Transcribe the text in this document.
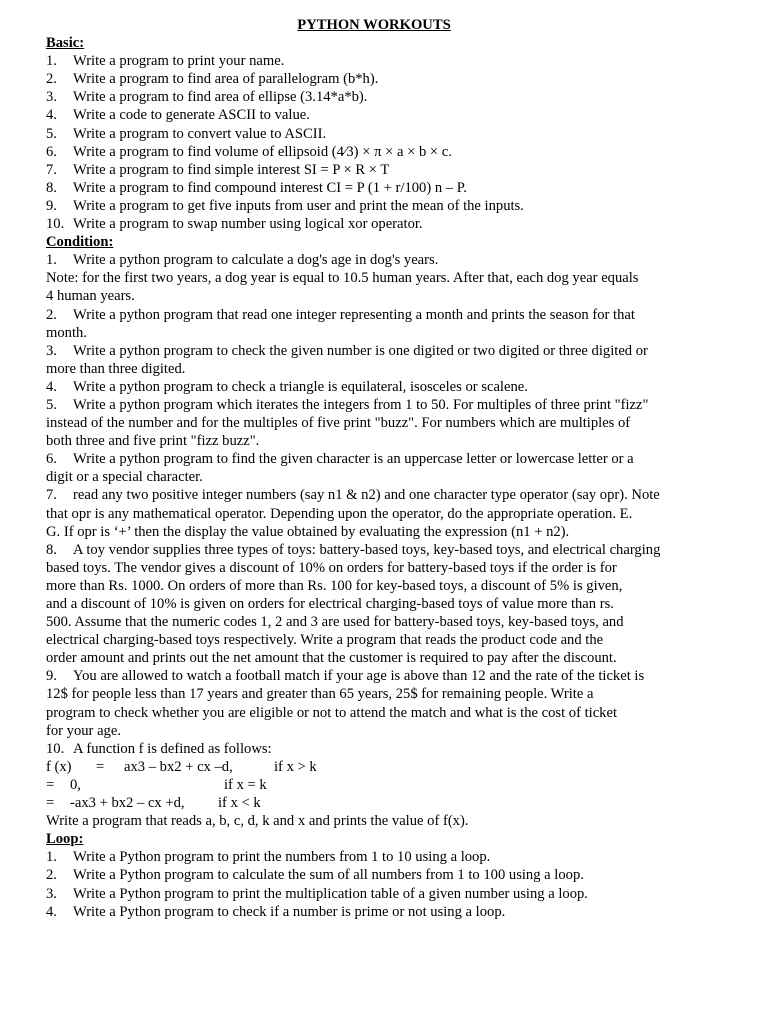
PYTHON WORKOUTS
Basic:
1.	Write a program to print your name.
2.	Write a program to find area of parallelogram (b*h).
3.	Write a program to find area of ellipse (3.14*a*b).
4.	Write a code to generate ASCII to value.
5.	Write a program to convert value to ASCII.
6.	Write a program to find volume of ellipsoid (4⁄3) × π × a × b × c.
7.	Write a program to find simple interest SI = P × R × T
8.	Write a program to find compound interest CI = P (1 + r/100) n – P.
9.	Write a program to get five inputs from user and print the mean of the inputs.
10. Write a program to swap number using logical xor operator.
Condition:
1. Write a python program to calculate a dog's age in dog's years.
Note: for the first two years, a dog year is equal to 10.5 human years. After that, each dog year equals
4 human years.
2. Write a python program that read one integer representing a month and prints the season for that
month.
3. Write a python program to check the given number is one digited or two digited or three digited or
more than three digited.
4. Write a python program to check a triangle is equilateral, isosceles or scalene.
5. Write a python program which iterates the integers from 1 to 50. For multiples of three print "fizz"
instead of the number and for the multiples of five print "buzz". For numbers which are multiples of
both three and five print "fizz buzz".
6. Write a python program to find the given character is an uppercase letter or lowercase letter or a
digit or a special character.
7. read any two positive integer numbers (say n1 & n2) and one character type operator (say opr). Note
that opr is any mathematical operator. Depending upon the operator, do the appropriate operation. E.
G. If opr is ‘+’ then the display the value obtained by evaluating the expression (n1 + n2).
8. A toy vendor supplies three types of toys: battery-based toys, key-based toys, and electrical charging
based toys. The vendor gives a discount of 10% on orders for battery-based toys if the order is for
more than Rs. 1000. On orders of more than Rs. 100 for key-based toys, a discount of 5% is given,
and a discount of 10% is given on orders for electrical charging-based toys of value more than rs.
500. Assume that the numeric codes 1, 2 and 3 are used for battery-based toys, key-based toys, and
electrical charging-based toys respectively. Write a program that reads the product code and the
order amount and prints out the net amount that the customer is required to pay after the discount.
9. You are allowed to watch a football match if your age is above than 12 and the rate of the ticket is
12$ for people less than 17 years and greater than 65 years, 25$ for remaining people. Write a
program to check whether you are eligible or not to attend the match and what is the cost of ticket
for your age.
10. A function f is defined as follows:
f (x) = ax3 – bx2 + cx –d,	if x > k
= 0,	if x = k
= -ax3 + bx2 – cx +d, if x < k
Write a program that reads a, b, c, d, k and x and prints the value of f(x).
Loop:
1.	Write a Python program to print the numbers from 1 to 10 using a loop.
2.	Write a Python program to calculate the sum of all numbers from 1 to 100 using a loop.
3.	Write a Python program to print the multiplication table of a given number using a loop.
4.	Write a Python program to check if a number is prime or not using a loop.
